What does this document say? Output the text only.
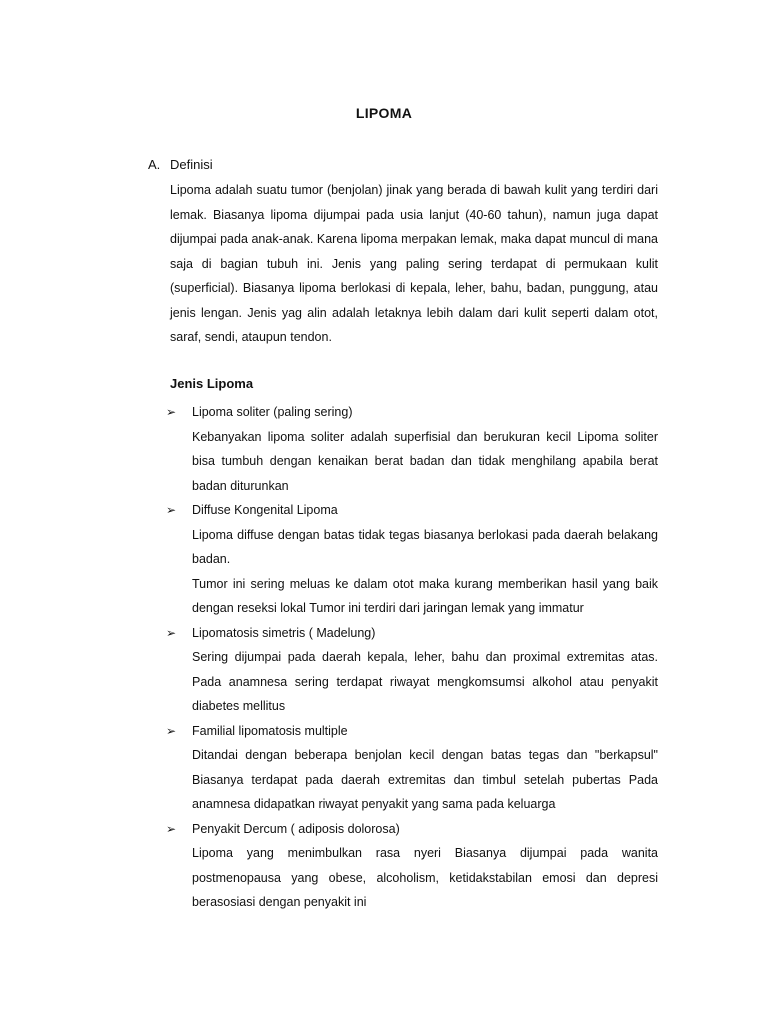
LIPOMA
A. Definisi

Lipoma adalah suatu tumor (benjolan) jinak yang berada di bawah kulit yang terdiri dari lemak. Biasanya lipoma dijumpai pada usia lanjut (40-60 tahun), namun juga dapat dijumpai pada anak-anak. Karena lipoma merpakan lemak, maka dapat muncul di mana saja di bagian tubuh ini. Jenis yang paling sering terdapat di permukaan kulit (superficial). Biasanya lipoma berlokasi di kepala, leher, bahu, badan, punggung, atau jenis lengan. Jenis yag alin adalah letaknya lebih dalam dari kulit seperti dalam otot, saraf, sendi, ataupun tendon.

Jenis Lipoma
➢	Lipoma soliter (paling sering)

Kebanyakan lipoma soliter adalah superfisial dan berukuran kecil Lipoma soliter bisa tumbuh dengan kenaikan berat badan dan tidak menghilang apabila berat badan diturunkan

➢	Diffuse Kongenital Lipoma

Lipoma diffuse dengan batas tidak tegas biasanya berlokasi pada daerah belakang badan.

Tumor ini sering meluas ke dalam otot maka kurang memberikan hasil yang baik dengan reseksi lokal Tumor ini terdiri dari jaringan lemak yang immatur

➢	Lipomatosis simetris ( Madelung)

Sering dijumpai pada daerah kepala, leher, bahu dan proximal extremitas atas. Pada anamnesa sering terdapat riwayat mengkomsumsi alkohol atau penyakit diabetes mellitus

➢	Familial lipomatosis multiple

Ditandai dengan beberapa benjolan kecil dengan batas tegas dan "berkapsul" Biasanya terdapat pada daerah extremitas dan timbul setelah pubertas Pada anamnesa didapatkan riwayat penyakit yang sama pada keluarga

➢	Penyakit Dercum ( adiposis dolorosa)

Lipoma yang menimbulkan rasa nyeri Biasanya dijumpai pada wanita postmenopausa yang obese, alcoholism, ketidakstabilan emosi dan depresi berasosiasi dengan penyakit ini
